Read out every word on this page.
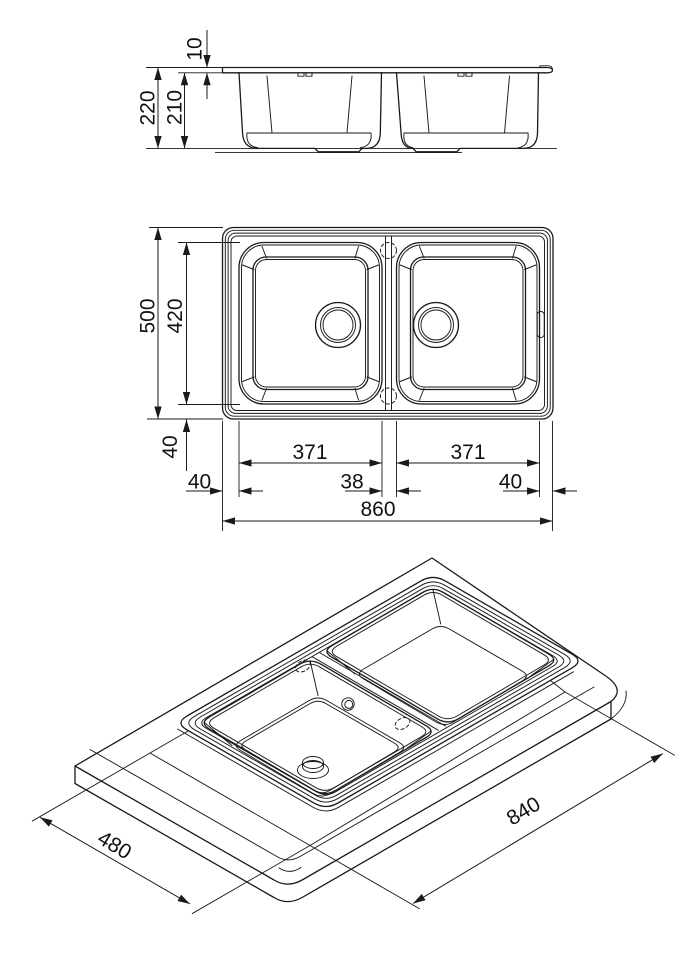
10
220 210
500 420
40	371	371
40	38	40
860
480
840
